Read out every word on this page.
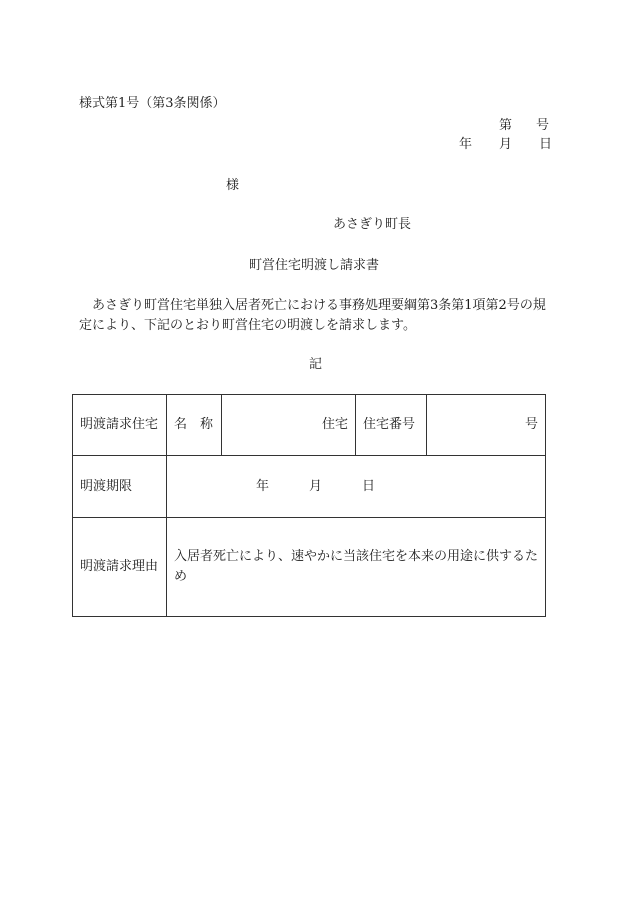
様式第1号（第3条関係）
第 号
年 月 日
様
あさぎり町長
町営住宅明渡し請求書
あさぎり町営住宅単独入居者死亡における事務処理要綱第3条第1項第2号の規定により、下記のとおり町営住宅の明渡しを請求します。
記
明渡請求住宅	名 称	住宅	住宅番号	号
明渡期限	年 月 日			
明渡請求理由	入居者死亡により、速やかに当該住宅を本来の用途に供するため			
